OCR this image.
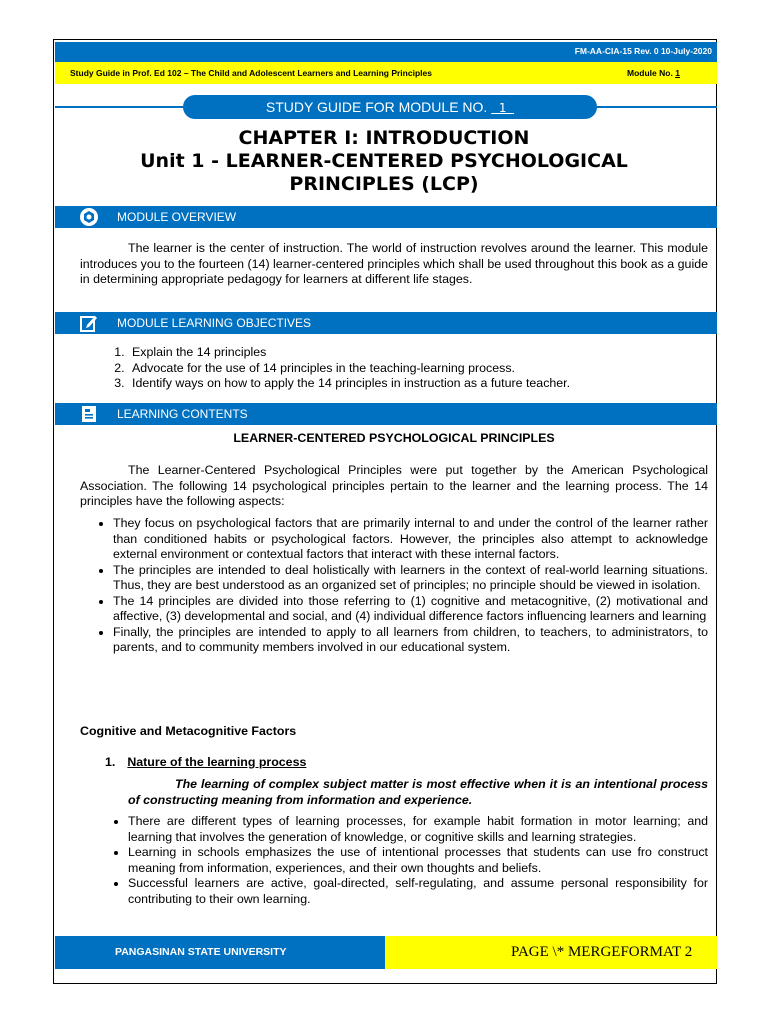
FM-AA-CIA-15 Rev. 0 10-July-2020
Study Guide in Prof. Ed 102 – The Child and Adolescent Learners and Learning Principles	Module No. 1
STUDY GUIDE FOR MODULE NO.   1
CHAPTER I: INTRODUCTION
Unit 1 - LEARNER-CENTERED PSYCHOLOGICAL
PRINCIPLES (LCP)
MODULE OVERVIEW
The learner is the center of instruction. The world of instruction revolves around the learner. This module introduces you to the fourteen (14) learner-centered principles which shall be used throughout this book as a guide in determining appropriate pedagogy for learners at different life stages.
MODULE LEARNING OBJECTIVES
1. Explain the 14 principles
2. Advocate for the use of 14 principles in the teaching-learning process.
3. Identify ways on how to apply the 14 principles in instruction as a future teacher.
LEARNING CONTENTS
LEARNER-CENTERED PSYCHOLOGICAL PRINCIPLES
The Learner-Centered Psychological Principles were put together by the American Psychological Association. The following 14 psychological principles pertain to the learner and the learning process. The 14 principles have the following aspects:
• They focus on psychological factors that are primarily internal to and under the control of the learner rather than conditioned habits or psychological factors. However, the principles also attempt to acknowledge external environment or contextual factors that interact with these internal factors.
• The principles are intended to deal holistically with learners in the context of real-world learning situations. Thus, they are best understood as an organized set of principles; no principle should be viewed in isolation.
• The 14 principles are divided into those referring to (1) cognitive and metacognitive, (2) motivational and affective, (3) developmental and social, and (4) individual difference factors influencing learners and learning
• Finally, the principles are intended to apply to all learners from children, to teachers, to administrators, to parents, and to community members involved in our educational system.
Cognitive and Metacognitive Factors
1. Nature of the learning process
The learning of complex subject matter is most effective when it is an intentional process of constructing meaning from information and experience.
• There are different types of learning processes, for example habit formation in motor learning; and learning that involves the generation of knowledge, or cognitive skills and learning strategies.
• Learning in schools emphasizes the use of intentional processes that students can use fro construct meaning from information, experiences, and their own thoughts and beliefs.
• Successful learners are active, goal-directed, self-regulating, and assume personal responsibility for contributing to their own learning.
PANGASINAN STATE UNIVERSITY	PAGE \* MERGEFORMAT 2
